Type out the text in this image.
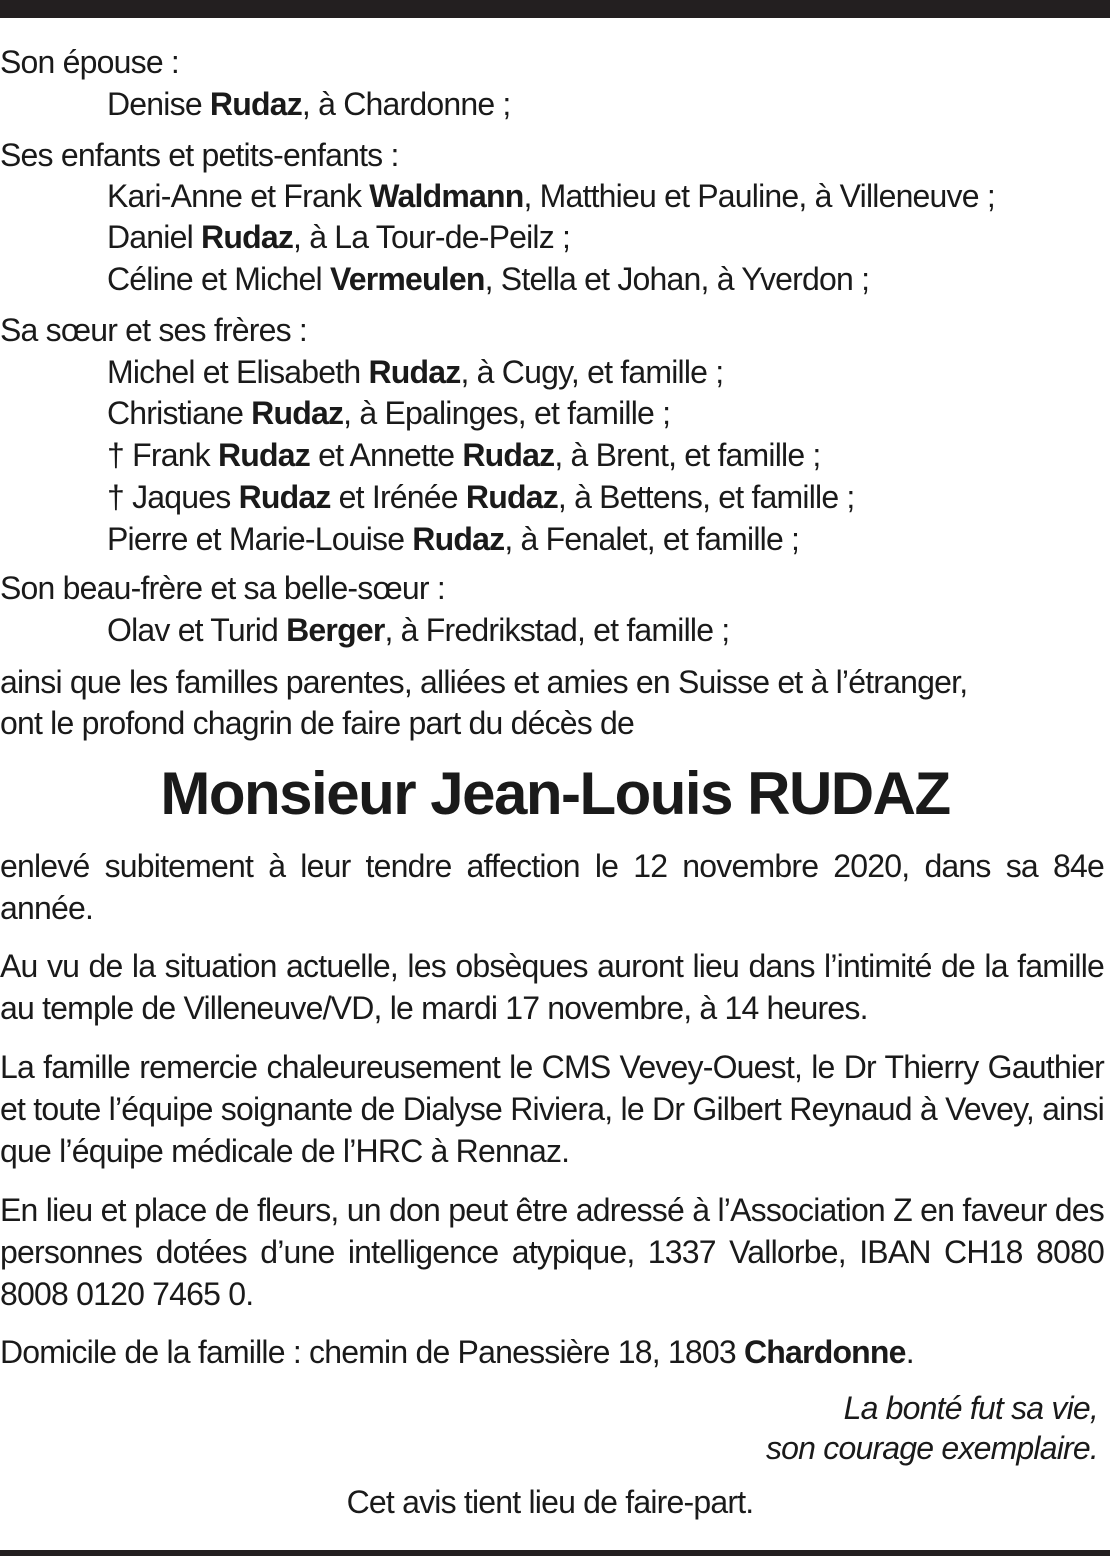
Son épouse :
Denise Rudaz, à Chardonne ;
Ses enfants et petits-enfants :
Kari-Anne et Frank Waldmann, Matthieu et Pauline, à Villeneuve ;
Daniel Rudaz, à La Tour-de-Peilz ;
Céline et Michel Vermeulen, Stella et Johan, à Yverdon ;
Sa sœur et ses frères :
Michel et Elisabeth Rudaz, à Cugy, et famille ;
Christiane Rudaz, à Epalinges, et famille ;
† Frank Rudaz et Annette Rudaz, à Brent, et famille ;
† Jaques Rudaz et Irénée Rudaz, à Bettens, et famille ;
Pierre et Marie-Louise Rudaz, à Fenalet, et famille ;
Son beau-frère et sa belle-sœur :
Olav et Turid Berger, à Fredrikstad, et famille ;
ainsi que les familles parentes, alliées et amies en Suisse et à l’étranger,
ont le profond chagrin de faire part du décès de
Monsieur Jean-Louis RUDAZ
enlevé subitement à leur tendre affection le 12 novembre 2020, dans sa 84e année.
Au vu de la situation actuelle, les obsèques auront lieu dans l’intimité de la famille au temple de Villeneuve/VD, le mardi 17 novembre, à 14 heures.
La famille remercie chaleureusement le CMS Vevey-Ouest, le Dr Thierry Gauthier et toute l’équipe soignante de Dialyse Riviera, le Dr Gilbert Reynaud à Vevey, ainsi que l’équipe médicale de l’HRC à Rennaz.
En lieu et place de fleurs, un don peut être adressé à l’Association Z en faveur des personnes dotées d’une intelligence atypique, 1337 Vallorbe, IBAN CH18 8080 8008 0120 7465 0.
Domicile de la famille : chemin de Panessière 18, 1803 Chardonne.
La bonté fut sa vie,
son courage exemplaire.
Cet avis tient lieu de faire-part.
